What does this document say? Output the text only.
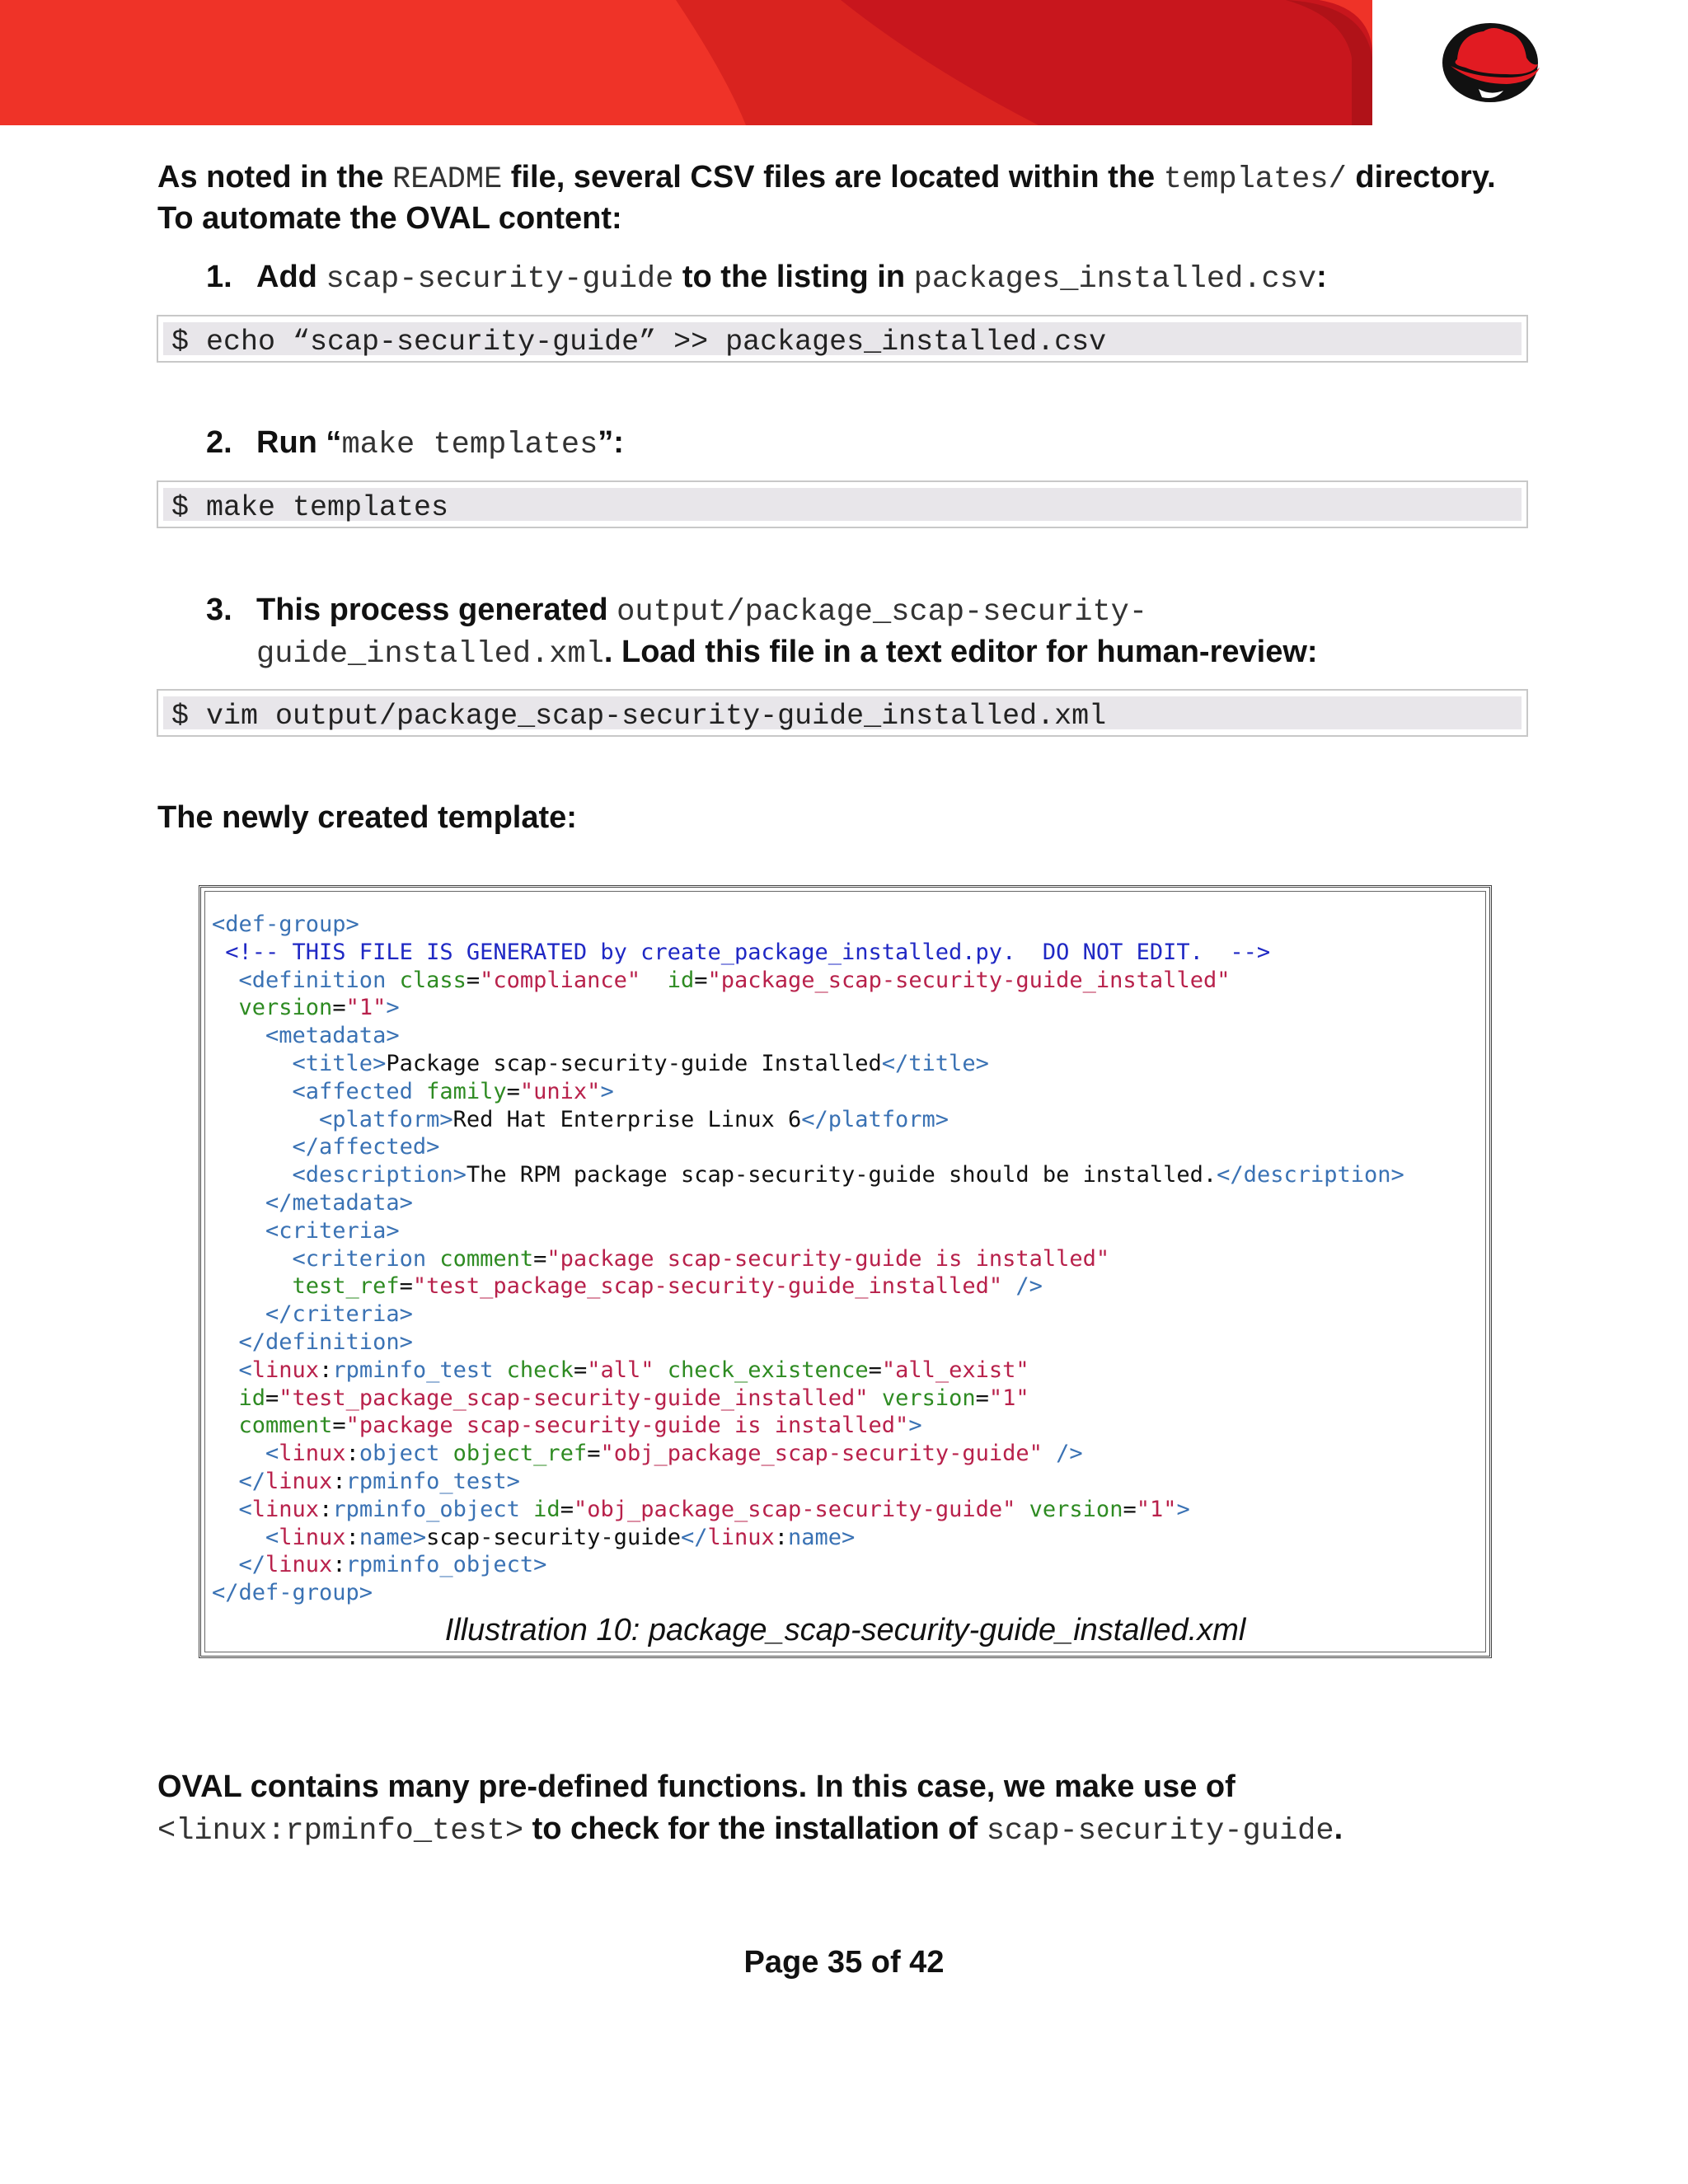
As noted in the README file, several CSV files are located within the templates/ directory.
To automate the OVAL content:
1. Add scap-security-guide to the listing in packages_installed.csv:
$ echo “scap-security-guide” >> packages_installed.csv
2. Run “make templates”:
$ make templates
3. This process generated output/package_scap-security-
guide_installed.xml. Load this file in a text editor for human-review:
$ vim output/package_scap-security-guide_installed.xml
The newly created template:
<def-group>
<!-- THIS FILE IS GENERATED by create_package_installed.py.  DO NOT EDIT.  -->
<definition class="compliance" id="package_scap-security-guide_installed"
version="1">
<metadata>
<title>Package scap-security-guide Installed</title>
<affected family="unix">
<platform>Red Hat Enterprise Linux 6</platform>
</affected>
<description>The RPM package scap-security-guide should be installed.</description>
</metadata>
<criteria>
<criterion comment="package scap-security-guide is installed"
test_ref="test_package_scap-security-guide_installed" />
</criteria>
</definition>
<linux:rpminfo_test check="all" check_existence="all_exist"
id="test_package_scap-security-guide_installed" version="1"
comment="package scap-security-guide is installed">
<linux:object object_ref="obj_package_scap-security-guide" />
</linux:rpminfo_test>
<linux:rpminfo_object id="obj_package_scap-security-guide" version="1">
<linux:name>scap-security-guide</linux:name>
</linux:rpminfo_object>
</def-group>
Illustration 10: package_scap-security-guide_installed.xml
OVAL contains many pre-defined functions. In this case, we make use of
<linux:rpminfo_test> to check for the installation of scap-security-guide.
Page 35 of 42
